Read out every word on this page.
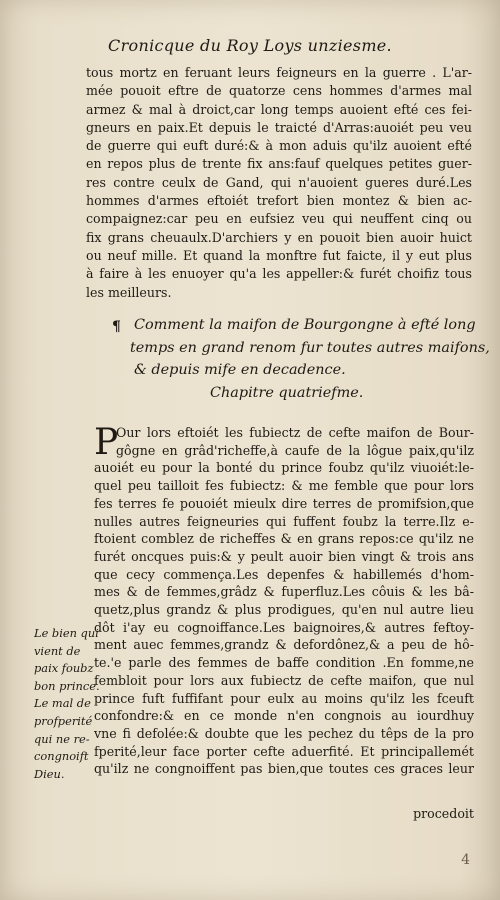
Cronicque du Roy Loys unziesme.
tous mortz en feruant leurs feigneurs en la guerre . L'ar-
mée pouoit eftre de quatorze cens hommes d'armes mal
armez & mal à droict,car long temps auoient efté ces fei-
gneurs en paix.Et depuis le traicté d'Arras:auoiét peu veu
de guerre qui euft duré:& à mon aduis qu'ilz auoient efté
en repos plus de trente fix ans:fauf quelques petites guer-
res contre ceulx de Gand, qui n'auoient gueres duré.Les
hommes d'armes eftoiét trefort bien montez & bien ac-
compaignez:car peu en eufsiez veu qui neuffent cinq ou
fix grans cheuaulx.D'archiers y en pouoit bien auoir huict
ou neuf mille. Et quand la monftre fut faicte, il y eut plus
à faire à les enuoyer qu'a les appeller:& furét choifiz tous
les meilleurs.
¶ Comment la maifon de Bourgongne à efté long
temps en grand renom fur toutes autres maifons,
& depuis mife en decadence.
Chapitre quatriefme.
P
Our lors eftoiét les fubiectz de cefte maifon de Bour-
gôgne en grâd'richeffe,à caufe de la lôgue paix,qu'ilz
auoiét eu pour la bonté du prince foubz qu'ilz viuoiét:le-
quel peu tailloit fes fubiectz: & me femble que pour lors
fes terres fe pouoiét mieulx dire terres de promifsion,que
nulles autres feigneuries qui fuffent foubz la terre.Ilz e-
ftoient comblez de richeffes & en grans repos:ce qu'ilz ne
furét oncques puis:& y peult auoir bien vingt & trois ans
que cecy commença.Les depenfes & habillemés d'hom-
mes & de femmes,grâdz & fuperfluz.Les côuis & les bâ-
quetz,plus grandz & plus prodigues, qu'en nul autre lieu
dôt i'ay eu cognoiffance.Les baignoires,& autres feftoy-
ment auec femmes,grandz & defordônez,& a peu de hô-
te.'e parle des femmes de baffe condition .En fomme,ne
fembloit pour lors aux fubiectz de cefte maifon, que nul
prince fuft fuffifant pour eulx au moins qu'ilz les fceuft
confondre:& en ce monde n'en congnois au iourdhuy
vne fi defolée:& doubte que les pechez du têps de la pro
fperité,leur face porter cefte aduerfité. Et principallemét
qu'ilz ne congnoiffent pas bien,que toutes ces graces leur
Le bien qui
vient de
paix foubz
bon prince.
Le mal de
profperité
qui ne re-
congnoift
Dieu.
procedoit
4
